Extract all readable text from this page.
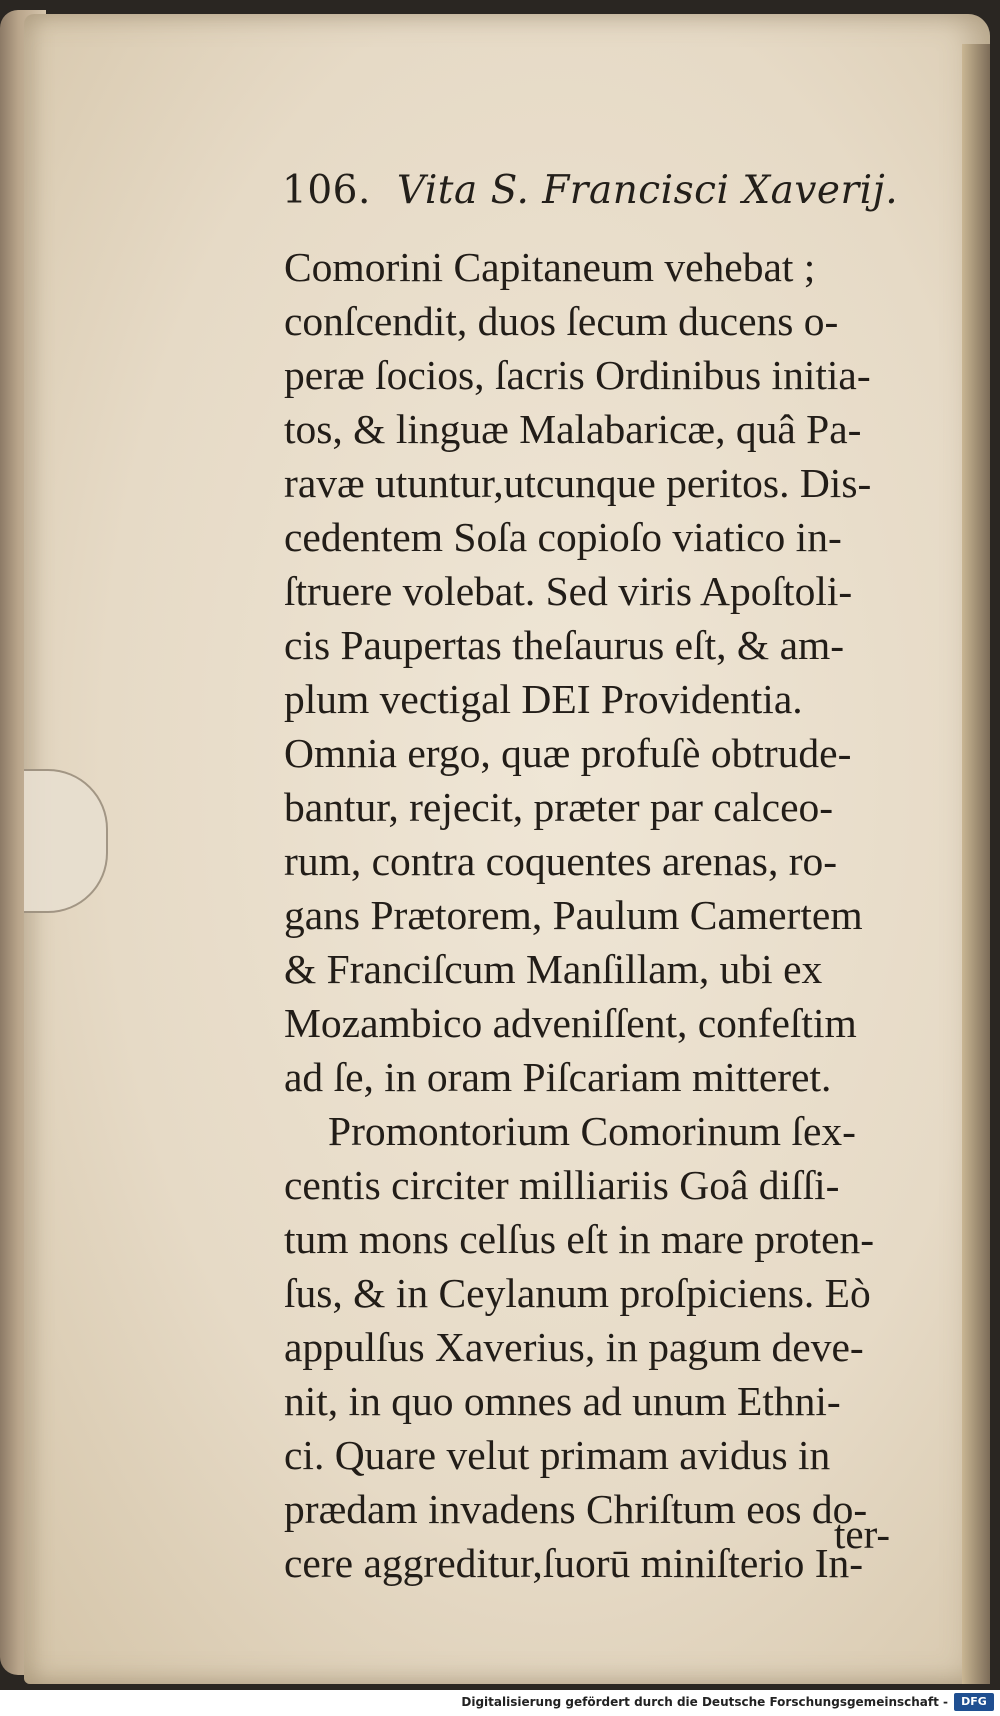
106. Vita S. Francisci Xaverij.
Comorini Capitaneum vehebat ;
conſcendit, duos ſecum ducens o-
peræ ſocios, ſacris Ordinibus initia-
tos, & linguæ Malabaricæ, quâ Pa-
ravæ utuntur,utcunque peritos. Dis-
cedentem Soſa copioſo viatico in-
ſtruere volebat. Sed viris Apoſtoli-
cis Paupertas theſaurus eſt, & am-
plum vectigal DEI Providentia.
Omnia ergo, quæ profuſè obtrude-
bantur, rejecit, præter par calceo-
rum, contra coquentes arenas, ro-
gans Prætorem, Paulum Camertem
& Franciſcum Manſillam, ubi ex
Mozambico adveniſſent, confeſtim
ad ſe, in oram Piſcariam mitteret.
Promontorium Comorinum ſex-
centis circiter milliariis Goâ diſſi-
tum mons celſus eſt in mare proten-
ſus, & in Ceylanum proſpiciens. Eò
appulſus Xaverius, in pagum deve-
nit, in quo omnes ad unum Ethni-
ci. Quare velut primam avidus in
prædam invadens Chriſtum eos do-
cere aggreditur,ſuorū miniſterio In-
ter-
Digitalisierung gefördert durch die Deutsche Forschungsgemeinschaft -	DFG
